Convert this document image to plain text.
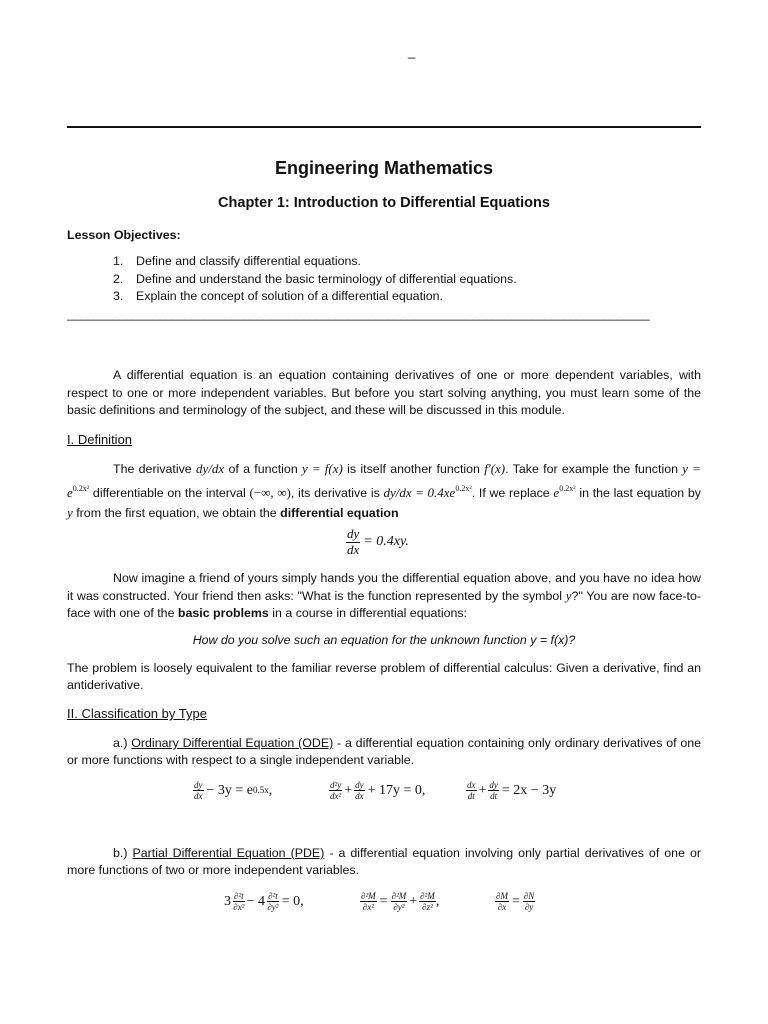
_
Engineering Mathematics
Chapter 1: Introduction to Differential Equations
Lesson Objectives:
1.	Define and classify differential equations.
2.	Define and understand the basic terminology of differential equations.
3.	Explain the concept of solution of a differential equation.
_________________________________________________________________________________________

A differential equation is an equation containing derivatives of one or more dependent variables, with respect to one or more independent variables. But before you start solving anything, you must learn some of the basic definitions and terminology of the subject, and these will be discussed in this module.

I. Definition

The derivative dy/dx of a function y = f(x) is itself another function f′(x). Take for example the function $y = e^{0.2x^2}$ differentiable on the interval (−∞, ∞), its derivative is $dy/dx = 0.4xe^{0.2x^2}$. If we replace $e^{0.2x^2}$ in the last equation by y from the first equation, we obtain the differential equation

$\frac{dy}{dx} = 0.4xy$.

Now imagine a friend of yours simply hands you the differential equation above, and you have no idea how it was constructed. Your friend then asks: "What is the function represented by the symbol y?" You are now face-to-face with one of the basic problems in a course in differential equations:

How do you solve such an equation for the unknown function y = f(x)?

The problem is loosely equivalent to the familiar reverse problem of differential calculus: Given a derivative, find an antiderivative.

II. Classification by Type

a.) Ordinary Differential Equation (ODE) - a differential equation containing only ordinary derivatives of one or more functions with respect to a single independent variable.

$\frac{dy}{dx} - 3y = e^{0.5x}$ ,	$\frac{\text{d²y}}{\text{dx²}} + \frac{dy}{dx} + 17y = 0$,	$\frac{dx}{dt} + \frac{dy}{dt} = 2x - 3y$

b.) Partial Differential Equation (PDE) - a differential equation involving only partial derivatives of one or more functions of two or more independent variables.

$3 \frac{\text{∂²t}}{\text{∂x²}} - 4 \frac{\text{∂²t}}{\text{∂y²}} = 0$,	$\frac{\text{∂²M}}{\text{∂x²}} = \frac{\text{∂²M}}{\text{∂y²}} + \frac{\text{∂²M}}{\text{∂z²}}$ ,	$\frac{\partial M}{\partial x} = \frac{\partial N}{\partial y}$
